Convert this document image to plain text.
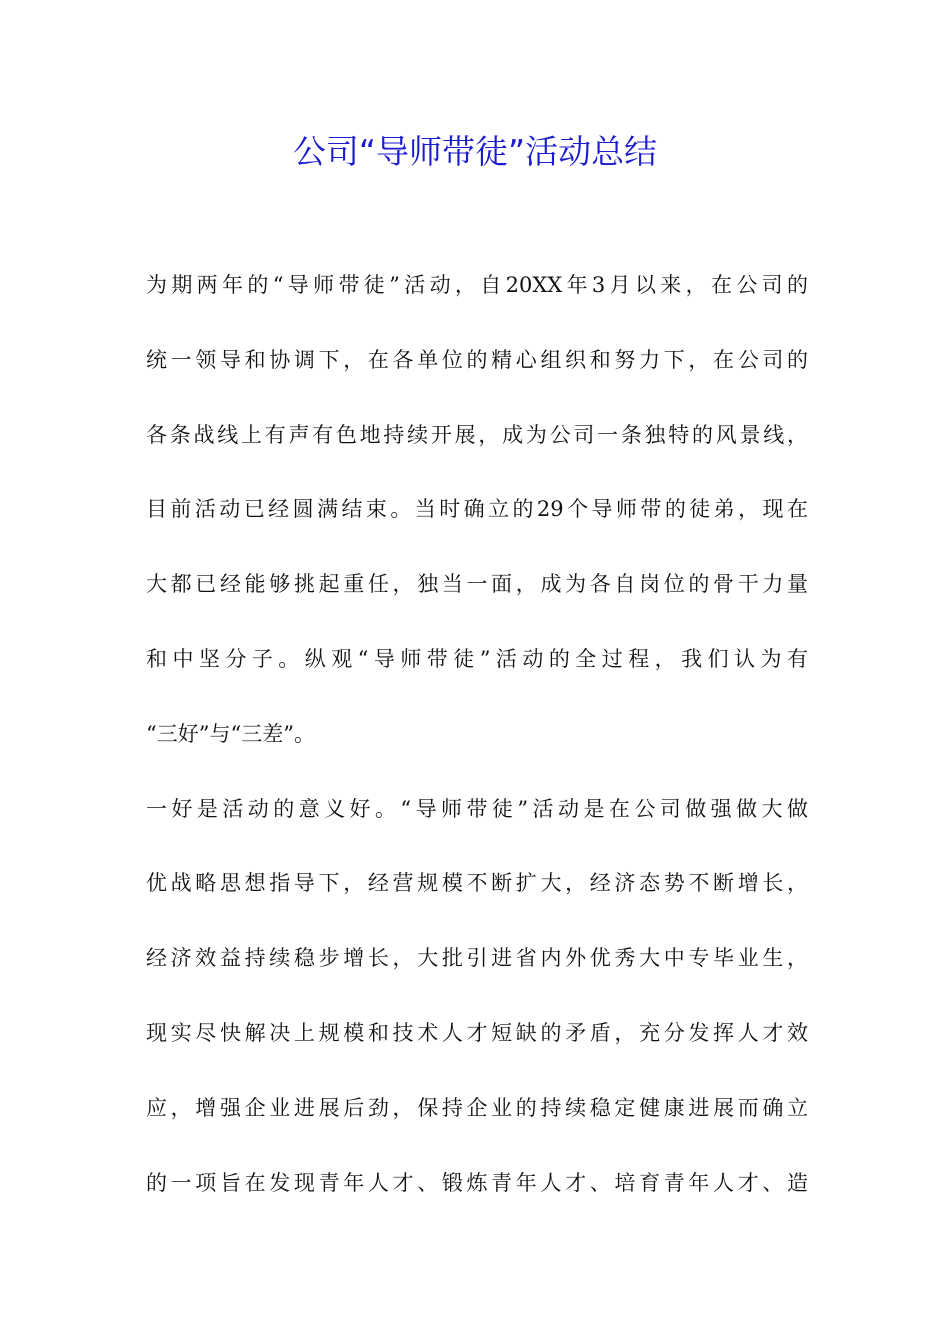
公司“导师带徒”活动总结
为期两年的“导师带徒”活动，自20XX年3月以来，在公司的
统一领导和协调下，在各单位的精心组织和努力下，在公司的
各条战线上有声有色地持续开展，成为公司一条独特的风景线，
目前活动已经圆满结束。当时确立的29个导师带的徒弟，现在
大都已经能够挑起重任，独当一面，成为各自岗位的骨干力量
和中坚分子。纵观“导师带徒”活动的全过程，我们认为有
“三好”与“三差”。
一好是活动的意义好。“导师带徒”活动是在公司做强做大做
优战略思想指导下，经营规模不断扩大，经济态势不断增长，
经济效益持续稳步增长，大批引进省内外优秀大中专毕业生，
现实尽快解决上规模和技术人才短缺的矛盾，充分发挥人才效
应，增强企业进展后劲，保持企业的持续稳定健康进展而确立
的一项旨在发现青年人才、锻炼青年人才、培育青年人才、造
